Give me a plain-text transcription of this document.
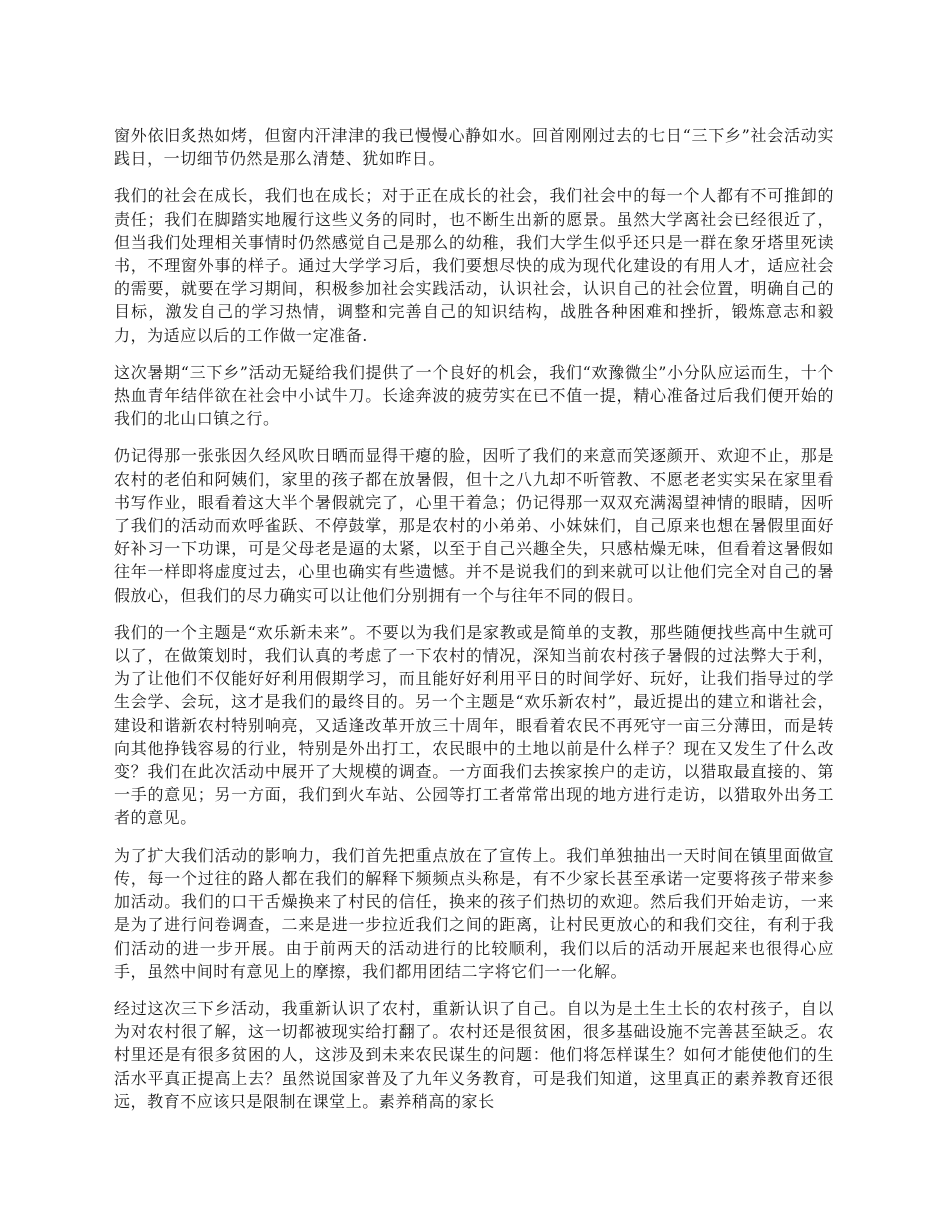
窗外依旧炙热如烤，但窗内汗津津的我已慢慢心静如水。回首刚刚过去的七日“三下乡”社会活动实践日，一切细节仍然是那么清楚、犹如昨日。

我们的社会在成长，我们也在成长；对于正在成长的社会，我们社会中的每一个人都有不可推卸的责任；我们在脚踏实地履行这些义务的同时，也不断生出新的愿景。虽然大学离社会已经很近了，但当我们处理相关事情时仍然感觉自己是那么的幼稚，我们大学生似乎还只是一群在象牙塔里死读书，不理窗外事的样子。通过大学学习后，我们要想尽快的成为现代化建设的有用人才，适应社会的需要，就要在学习期间，积极参加社会实践活动，认识社会，认识自己的社会位置，明确自己的目标，激发自己的学习热情，调整和完善自己的知识结构，战胜各种困难和挫折，锻炼意志和毅力，为适应以后的工作做一定准备.

这次暑期“三下乡”活动无疑给我们提供了一个良好的机会，我们“欢豫微尘”小分队应运而生，十个热血青年结伴欲在社会中小试牛刀。长途奔波的疲劳实在已不值一提，精心准备过后我们便开始的我们的北山口镇之行。

仍记得那一张张因久经风吹日晒而显得干瘪的脸，因听了我们的来意而笑逐颜开、欢迎不止，那是农村的老伯和阿姨们，家里的孩子都在放暑假，但十之八九却不听管教、不愿老老实实呆在家里看书写作业，眼看着这大半个暑假就完了，心里干着急；仍记得那一双双充满渴望神情的眼睛，因听了我们的活动而欢呼雀跃、不停鼓掌，那是农村的小弟弟、小妹妹们，自己原来也想在暑假里面好好补习一下功课，可是父母老是逼的太紧，以至于自己兴趣全失，只感枯燥无味，但看着这暑假如往年一样即将虚度过去，心里也确实有些遗憾。并不是说我们的到来就可以让他们完全对自己的暑假放心，但我们的尽力确实可以让他们分别拥有一个与往年不同的假日。

我们的一个主题是“欢乐新未来”。不要以为我们是家教或是简单的支教，那些随便找些高中生就可以了，在做策划时，我们认真的考虑了一下农村的情况，深知当前农村孩子暑假的过法弊大于利，为了让他们不仅能好好利用假期学习，而且能好好利用平日的时间学好、玩好，让我们指导过的学生会学、会玩，这才是我们的最终目的。另一个主题是“欢乐新农村”，最近提出的建立和谐社会，建设和谐新农村特别响亮，又适逢改革开放三十周年，眼看着农民不再死守一亩三分薄田，而是转向其他挣钱容易的行业，特别是外出打工，农民眼中的土地以前是什么样子？现在又发生了什么改变？我们在此次活动中展开了大规模的调查。一方面我们去挨家挨户的走访，以猎取最直接的、第一手的意见；另一方面，我们到火车站、公园等打工者常常出现的地方进行走访，以猎取外出务工者的意见。

为了扩大我们活动的影响力，我们首先把重点放在了宣传上。我们单独抽出一天时间在镇里面做宣传，每一个过往的路人都在我们的解释下频频点头称是，有不少家长甚至承诺一定要将孩子带来参加活动。我们的口干舌燥换来了村民的信任，换来的孩子们热切的欢迎。然后我们开始走访，一来是为了进行问卷调查，二来是进一步拉近我们之间的距离，让村民更放心的和我们交往，有利于我们活动的进一步开展。由于前两天的活动进行的比较顺利，我们以后的活动开展起来也很得心应手，虽然中间时有意见上的摩擦，我们都用团结二字将它们一一化解。

经过这次三下乡活动，我重新认识了农村，重新认识了自己。自以为是土生土长的农村孩子，自以为对农村很了解，这一切都被现实给打翻了。农村还是很贫困，很多基础设施不完善甚至缺乏。农村里还是有很多贫困的人，这涉及到未来农民谋生的问题：他们将怎样谋生？如何才能使他们的生活水平真正提高上去？虽然说国家普及了九年义务教育，可是我们知道，这里真正的素养教育还很远，教育不应该只是限制在课堂上。素养稍高的家长
